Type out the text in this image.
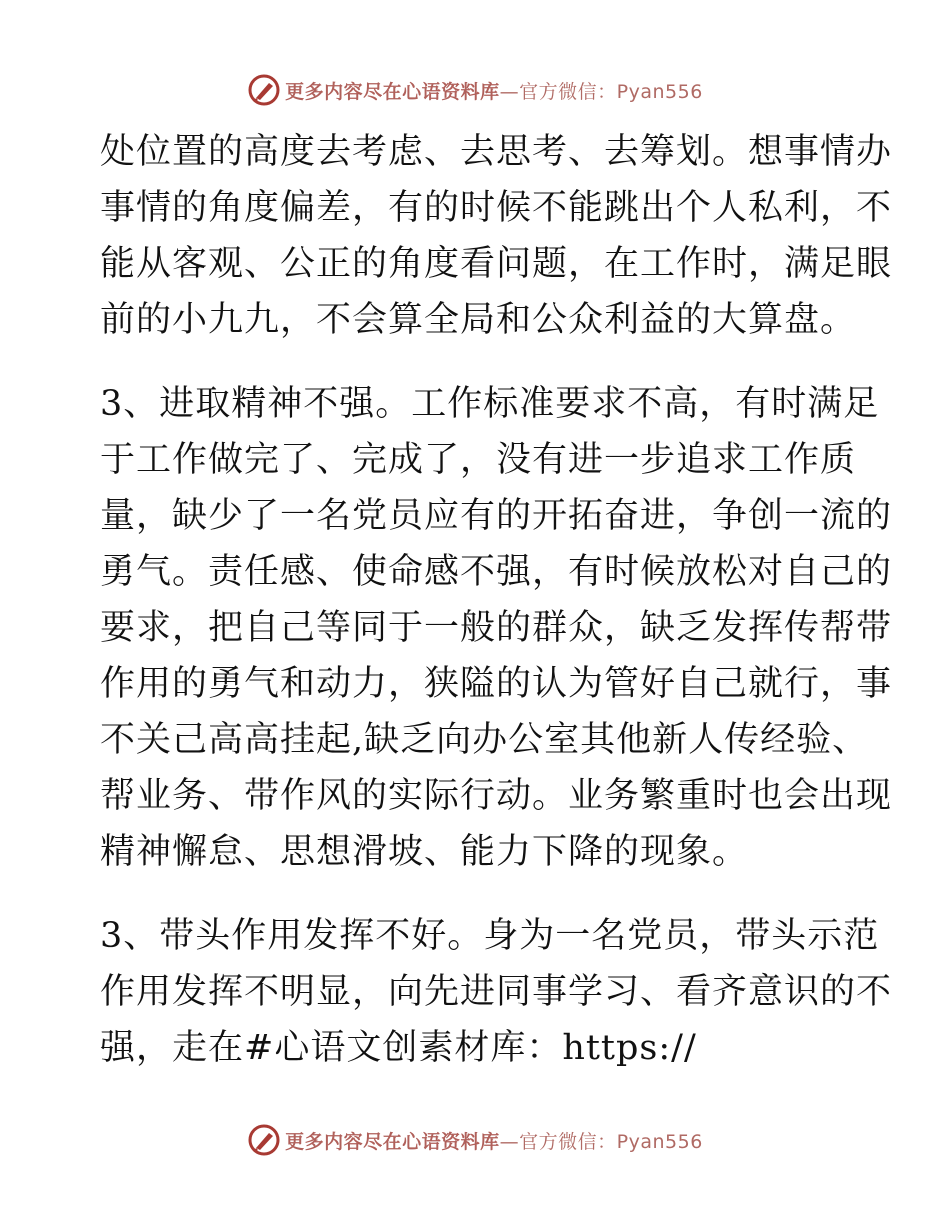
更多内容尽在心语资料库—官方微信：Pyan556
处位置的高度去考虑、去思考、去筹划。想事情办
事情的角度偏差，有的时候不能跳出个人私利，不
能从客观、公正的角度看问题，在工作时，满足眼
前的小九九，不会算全局和公众利益的大算盘。
3、进取精神不强。工作标准要求不高，有时满足
于工作做完了、完成了，没有进一步追求工作质
量，缺少了一名党员应有的开拓奋进，争创一流的
勇气。责任感、使命感不强，有时候放松对自己的
要求，把自己等同于一般的群众，缺乏发挥传帮带
作用的勇气和动力，狭隘的认为管好自己就行，事
不关己高高挂起,缺乏向办公室其他新人传经验、
帮业务、带作风的实际行动。业务繁重时也会出现
精神懈怠、思想滑坡、能力下降的现象。
3、带头作用发挥不好。身为一名党员，带头示范
作用发挥不明显，向先进同事学习、看齐意识的不
强，走在#心语文创素材库：https://
更多内容尽在心语资料库—官方微信：Pyan556
